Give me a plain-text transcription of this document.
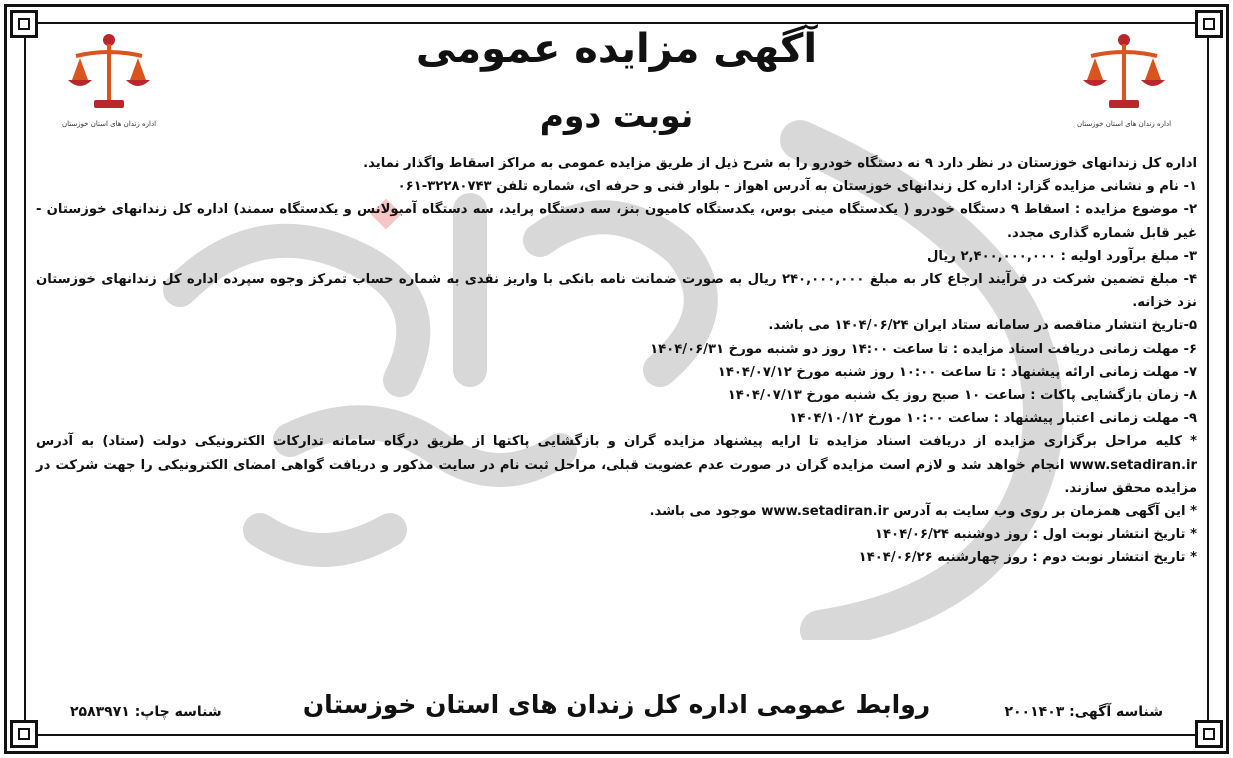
اداره زندان های استان خوزستان	اداره زندان های استان خوزستان
آگهی مزایده عمومی
نوبت دوم

اداره کل زندانهای خوزستان در نظر دارد ۹ نه دستگاه خودرو را به شرح ذیل از طریق مزایده عمومی به مراکز اسقاط واگذار نماید.

۱- نام و نشانی مزایده گزار: اداره کل زندانهای خوزستان به آدرس اهواز - بلوار فنی و حرفه ای، شماره تلفن ۳۲۲۸۰۷۴۳-۰۶۱

۲- موضوع مزایده : اسقاط ۹ دستگاه خودرو ( یکدستگاه مینی بوس، یکدستگاه کامیون بنز، سه دستگاه پراید، سه دستگاه آمبولانس و یکدستگاه سمند) اداره کل زندانهای خوزستان - غیر قابل شماره گذاری مجدد.

۳- مبلغ برآورد اولیه : ۲,۴۰۰,۰۰۰,۰۰۰ ریال

۴- مبلغ تضمین شرکت در فرآیند ارجاع کار به مبلغ ۲۴۰,۰۰۰,۰۰۰ ریال به صورت ضمانت نامه بانکی با واریز نقدی به شماره حساب تمرکز وجوه سپرده اداره کل زندانهای خوزستان نزد خزانه.

۵-تاریخ انتشار مناقصه در سامانه ستاد ایران ۱۴۰۴/۰۶/۲۴ می باشد.

۶- مهلت زمانی دریافت اسناد مزایده : تا ساعت ۱۴:۰۰ روز دو شنبه مورخ ۱۴۰۴/۰۶/۳۱

۷- مهلت زمانی ارائه پیشنهاد : تا ساعت ۱۰:۰۰ روز شنبه مورخ ۱۴۰۴/۰۷/۱۲

۸- زمان بازگشایی پاکات : ساعت ۱۰ صبح روز یک شنبه مورخ ۱۴۰۴/۰۷/۱۳

۹- مهلت زمانی اعتبار پیشنهاد : ساعت ۱۰:۰۰ مورخ ۱۴۰۴/۱۰/۱۲

* کلیه مراحل برگزاری مزایده از دریافت اسناد مزایده تا ارایه پیشنهاد مزایده گران و بازگشایی پاکتها از طریق درگاه سامانه تدارکات الکترونیکی دولت (ستاد) به آدرس www.setadiran.ir انجام خواهد شد و لازم است مزایده گران در صورت عدم عضویت قبلی، مراحل ثبت نام در سایت مذکور و دریافت گواهی امضای الکترونیکی را جهت شرکت در مزایده محقق سازند.

* این آگهی همزمان بر روی وب سایت به آدرس www.setadiran.ir موجود می باشد.

* تاریخ انتشار نوبت اول : روز دوشنبه ۱۴۰۴/۰۶/۲۴

* تاریخ انتشار نوبت دوم : روز چهارشنبه ۱۴۰۴/۰۶/۲۶

روابط عمومی اداره کل زندان های استان خوزستان	شناسه آگهی: ۲۰۰۱۴۰۳
شناسه چاپ: ۲۵۸۳۹۷۱
